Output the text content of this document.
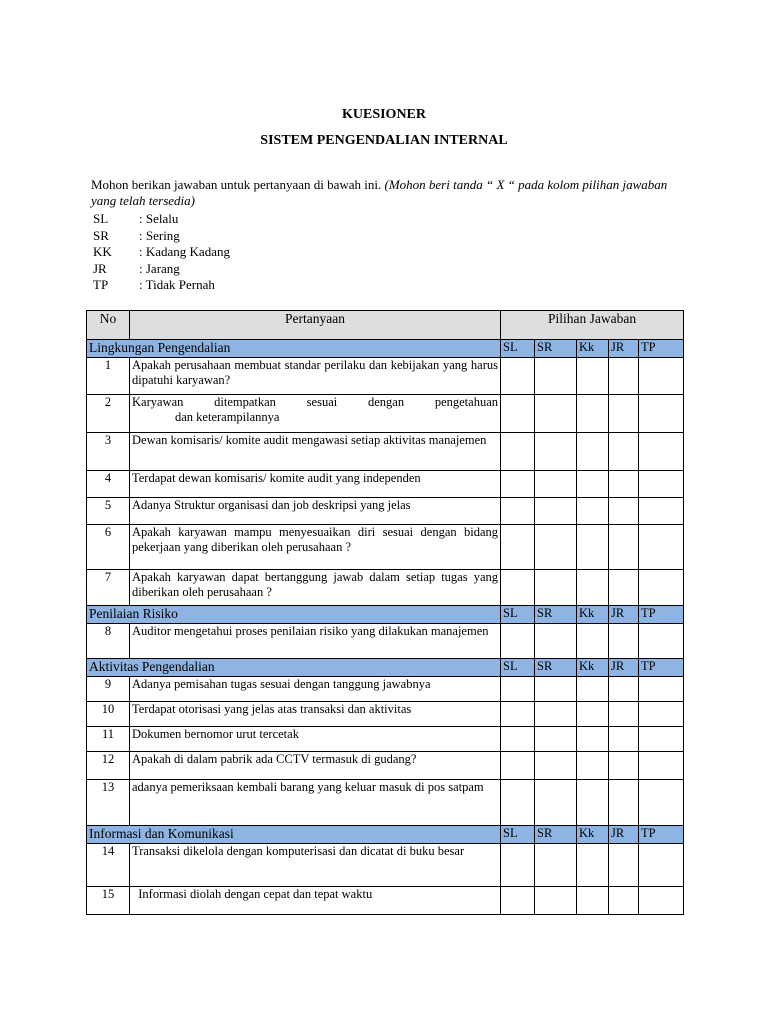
KUESIONER
SISTEM PENGENDALIAN INTERNAL
Mohon berikan jawaban untuk pertanyaan di bawah ini. (Mohon beri tanda “ X “ pada kolom pilihan jawaban yang telah tersedia)
SL	: Selalu
SR	: Sering
KK	: Kadang Kadang
JR	: Jarang
TP	: Tidak Pernah
No	Pertanyaan	Pilihan Jawaban				
Lingkungan Pengendalian		SL	SR	Kk	JR	TP
1	Apakah perusahaan membuat standar perilaku dan kebijakan yang harus dipatuhi karyawan?					
2	Karyawan ditempatkan sesuai dengan pengetahuan
dan keterampilannya					

3	Dewan komisaris/ komite audit mengawasi setiap aktivitas manajemen					
4	Terdapat dewan komisaris/ komite audit yang independen					
5	Adanya Struktur organisasi dan job deskripsi yang jelas					
6	Apakah karyawan mampu menyesuaikan diri sesuai dengan bidang pekerjaan yang diberikan oleh perusahaan ?					
7	Apakah karyawan dapat bertanggung jawab dalam setiap tugas yang diberikan oleh perusahaan ?					
Penilaian Risiko		SL	SR	Kk	JR	TP
8	Auditor mengetahui proses penilaian risiko yang dilakukan manajemen					
Aktivitas Pengendalian		SL	SR	Kk	JR	TP
9	Adanya pemisahan tugas sesuai dengan tanggung jawabnya					
10	Terdapat otorisasi yang jelas atas transaksi dan aktivitas					
11	Dokumen bernomor urut tercetak					
12	Apakah di dalam pabrik ada CCTV termasuk di gudang?					
13	adanya pemeriksaan kembali barang yang keluar masuk di pos satpam					
Informasi dan Komunikasi		SL	SR	Kk	JR	TP
14	Transaksi dikelola dengan komputerisasi dan dicatat di buku besar					
15	Informasi diolah dengan cepat dan tepat waktu					
